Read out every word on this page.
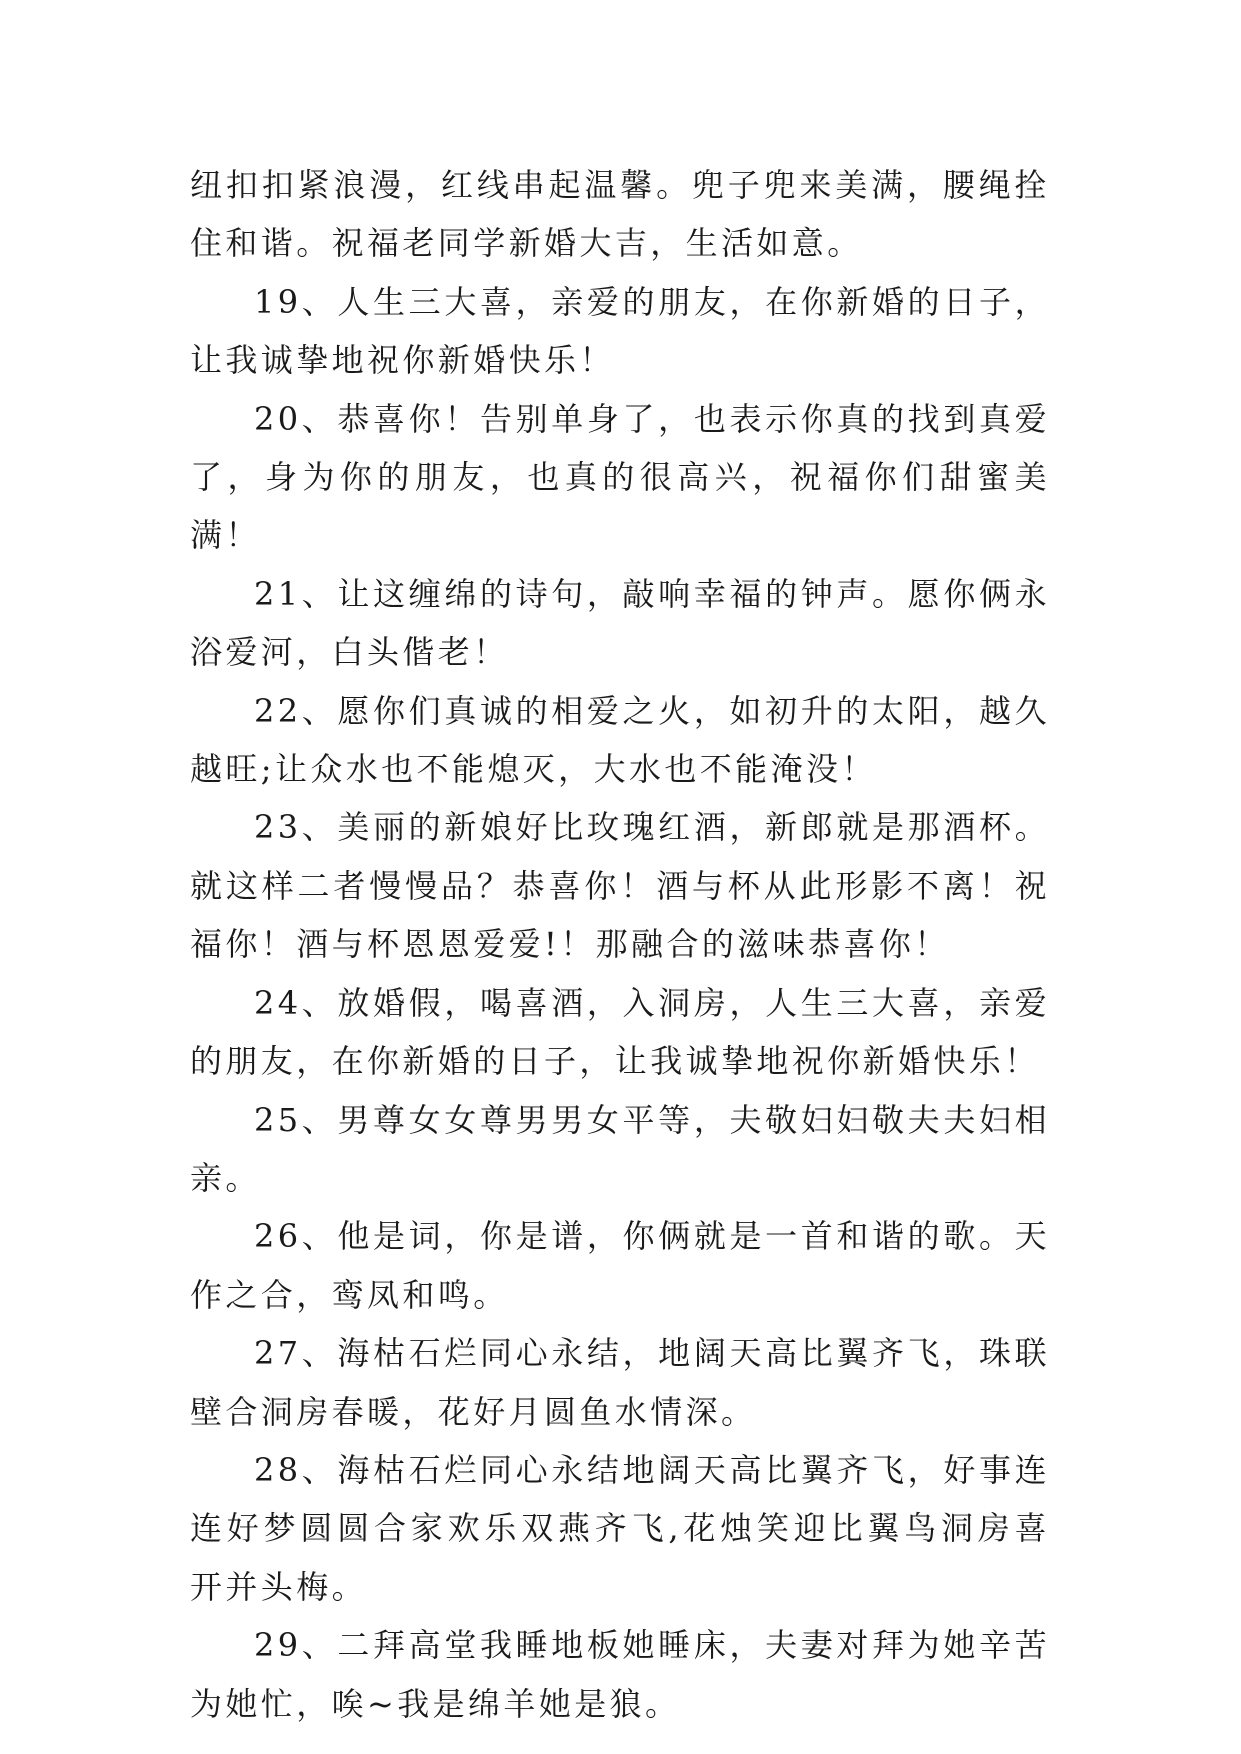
纽扣扣紧浪漫，红线串起温馨。兜子兜来美满，腰绳拴住和谐。祝福老同学新婚大吉，生活如意。

19、人生三大喜，亲爱的朋友，在你新婚的日子，让我诚挚地祝你新婚快乐！

20、恭喜你！告别单身了，也表示你真的找到真爱了，身为你的朋友，也真的很高兴，祝福你们甜蜜美满！

21、让这缠绵的诗句，敲响幸福的钟声。愿你俩永浴爱河，白头偕老！

22、愿你们真诚的相爱之火，如初升的太阳，越久越旺;让众水也不能熄灭，大水也不能淹没！

23、美丽的新娘好比玫瑰红酒，新郎就是那酒杯。就这样二者慢慢品？恭喜你！酒与杯从此形影不离！祝福你！酒与杯恩恩爱爱!！那融合的滋味恭喜你！

24、放婚假，喝喜酒，入洞房，人生三大喜，亲爱的朋友，在你新婚的日子，让我诚挚地祝你新婚快乐！

25、男尊女女尊男男女平等，夫敬妇妇敬夫夫妇相亲。

26、他是词，你是谱，你俩就是一首和谐的歌。天作之合，鸾凤和鸣。

27、海枯石烂同心永结，地阔天高比翼齐飞，珠联壁合洞房春暖，花好月圆鱼水情深。

28、海枯石烂同心永结地阔天高比翼齐飞，好事连连好梦圆圆合家欢乐双燕齐飞,花烛笑迎比翼鸟洞房喜开并头梅。

29、二拜高堂我睡地板她睡床，夫妻对拜为她辛苦为她忙，唉~我是绵羊她是狼。
